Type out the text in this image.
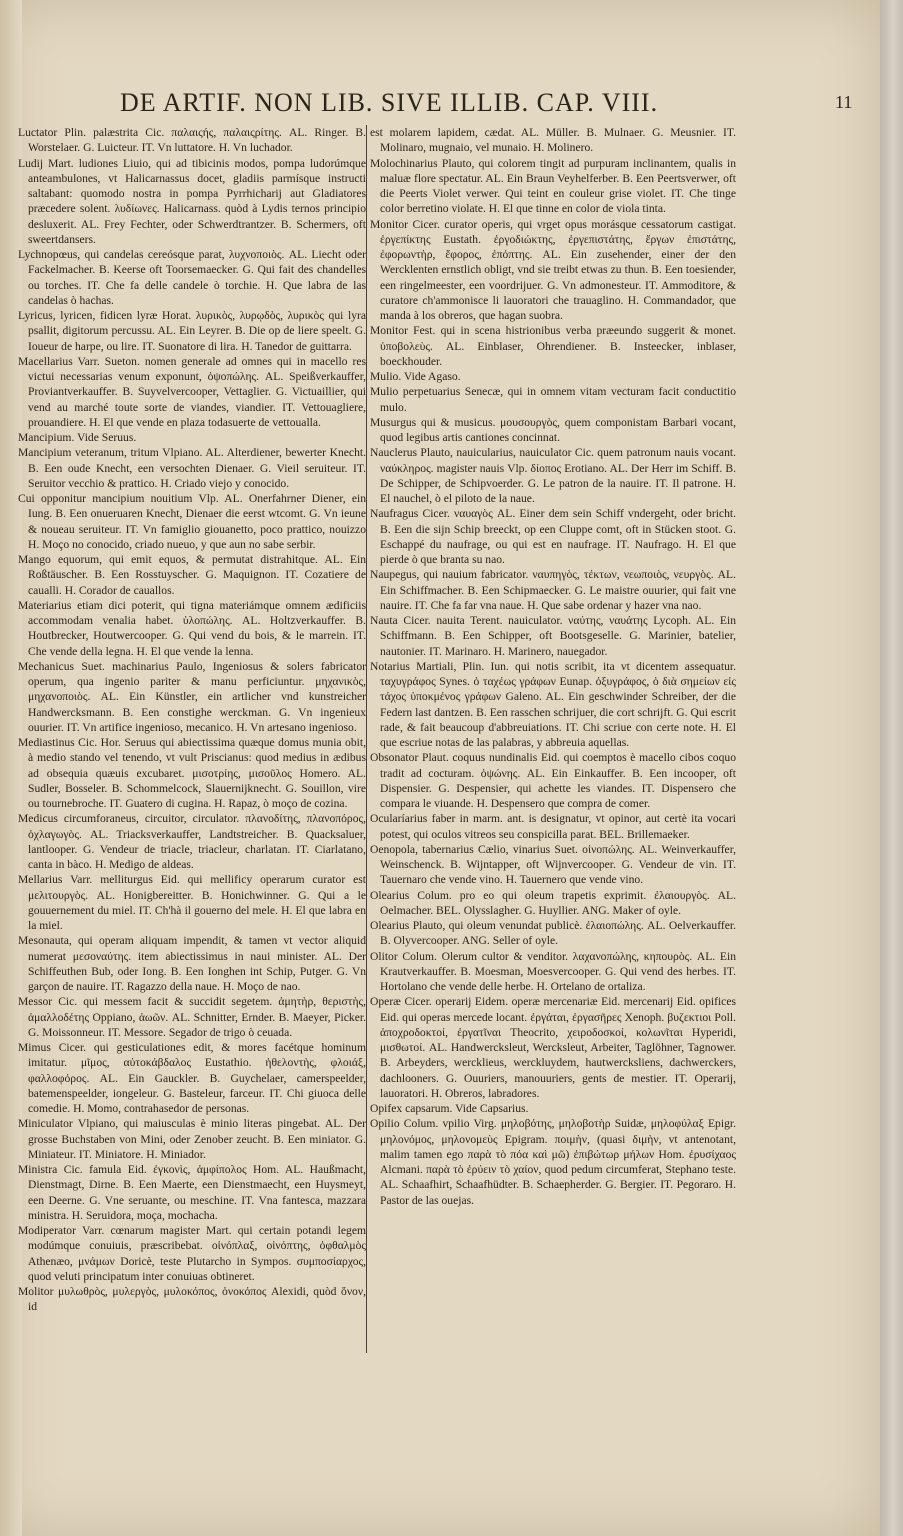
DE ARTIF. NON LIB. SIVE ILLIB. CAP. VIII.	11

Luctator Plin. palæstrita Cic. παλαιςής, παλαιςρίτης. AL. Ringer. B. Worstelaer. G. Luicteur. IT. Vn luttatore. H. Vn luchador.

Ludij Mart. ludiones Liuio, qui ad tibicinis modos, pompa ludorúmque anteambulones, vt Halicarnassus docet, gladiis parmísque instructi saltabant: quomodo nostra in pompa Pyrrhicharij aut Gladiatores præcedere solent. λυδίωνες. Halicarnass. quòd à Lydis ternos principio desluxerit. AL. Frey Fechter, oder Schwerdtrantzer. B. Schermers, oft sweertdansers.

Lychnopœus, qui candelas cereósque parat, λυχνοποιὸς. AL. Liecht oder Fackelmacher. B. Keerse oft Toorsemaecker. G. Qui fait des chandelles ou torches. IT. Che fa delle candele ò torchie. H. Que labra de las candelas ò hachas.

Lyricus, lyricen, fidicen lyræ Horat. λυρικὸς, λυρῳδὸς, λυρικὸς qui lyra psallit, digitorum percussu. AL. Ein Leyrer. B. Die op de liere speelt. G. Ioueur de harpe, ou lire. IT. Suonatore di lira. H. Tanedor de guittarra.

Macellarius Varr. Sueton. nomen generale ad omnes qui in macello res victui necessarias venum exponunt, ὀψοπώλης. AL. Speißverkauffer, Proviantverkauffer. B. Suyvelvercooper, Vettaglier. G. Victuaillier, qui vend au marché toute sorte de viandes, viandier. IT. Vettouagliere, prouandiere. H. El que vende en plaza todasuerte de vettoualla.

Mancipium. Vide Seruus.

Mancipium veteranum, tritum Vlpiano. AL. Alterdiener, bewerter Knecht. B. Een oude Knecht, een versochten Dienaer. G. Vieil seruiteur. IT. Seruitor vecchio & prattico. H. Criado viejo y conocido.

Cui opponitur mancipium nouitium Vlp. AL. Onerfahrner Diener, ein Iung. B. Een onueruaren Knecht, Dienaer die eerst wtcomt. G. Vn ieune & noueau seruiteur. IT. Vn famiglio giouanetto, poco prattico, nouizzo H. Moço no conocido, criado nueuo, y que aun no sabe serbir.

Mango equorum, qui emit equos, & permutat distrahitque. AL. Ein Roßtäuscher. B. Een Rosstuyscher. G. Maquignon. IT. Cozatiere de caualli. H. Corador de cauallos.

Materiarius etiam dici poterit, qui tigna materiámque omnem ædificiis accommodam venalia habet. ὑλοπώλης. AL. Holtzverkauffer. B. Houtbrecker, Houtwercooper. G. Qui vend du bois, & le marrein. IT. Che vende della legna. H. El que vende la lenna.

Mechanicus Suet. machinarius Paulo, Ingeniosus & solers fabricator operum, qua ingenio pariter & manu perficiuntur. μηχανικὸς, μηχανοποιὸς. AL. Ein Künstler, ein artlicher vnd kunstreicher Handwercksmann. B. Een constighe werckman. G. Vn ingenieux ouurier. IT. Vn artifice ingenioso, mecanico. H. Vn artesano ingenioso.

Mediastinus Cic. Hor. Seruus qui abiectissima quæque domus munia obit, à medio stando vel tenendo, vt vult Priscianus: quod medius in ædibus ad obsequia quæuis excubaret. μισοτρίης, μισοῦλος Homero. AL. Sudler, Bosseler. B. Schommelcock, Slauernijknecht. G. Souillon, vire ou tournebroche. IT. Guatero di cugina. H. Rapaz, ò moço de cozina.

Medicus circumforaneus, circuitor, circulator. πλανοδίτης, πλανοπόρος, ὀχλαγωγὸς. AL. Triacksverkauffer, Landtstreicher. B. Quacksaluer, lantlooper. G. Vendeur de triacle, triacleur, charlatan. IT. Ciarlatano, canta in bàco. H. Medigo de aldeas.

Mellarius Varr. melliturgus Eid. qui mellificy operarum curator est μελιτουργὸς. AL. Honigbereitter. B. Honichwinner. G. Qui a le gouuernement du miel. IT. Ch'hà il gouerno del mele. H. El que labra en la miel.

Mesonauta, qui operam aliquam impendit, & tamen vt vector aliquid numerat μεσοναύτης. item abiectissimus in naui minister. AL. Der Schiffeuthen Bub, oder Iong. B. Een Ionghen int Schip, Putger. G. Vn garçon de nauire. IT. Ragazzo della naue. H. Moço de nao.

Messor Cic. qui messem facit & succidit segetem. ἀμητὴρ, θεριστὴς, ἀμαλλοδέτης Oppiano, ἀωῶν. AL. Schnitter, Ernder. B. Maeyer, Picker. G. Moissonneur. IT. Messore. Segador de trigo ò ceuada.

Mimus Cicer. qui gesticulationes edit, & mores facétque hominum imitatur. μῖμος, αὐτοκάβδαλος Eustathio. ἠθελοντὴς, φλοιάξ, φαλλοφόρος. AL. Ein Gauckler. B. Guychelaer, camerspeelder, batemenspeelder, iongeleur. G. Basteleur, farceur. IT. Chi giuoca delle comedie. H. Momo, contrahasedor de personas.

Miniculator Vlpiano, qui maiusculas è minio literas pingebat. AL. Der grosse Buchstaben von Mini, oder Zenober zeucht. B. Een miniator. G. Miniateur. IT. Miniatore. H. Miniador.

Ministra Cic. famula Eid. ἐγκονὶς, ἀμφίπολος Hom. AL. Haußmacht, Dienstmagt, Dirne. B. Een Maerte, een Dienstmaecht, een Huysmeyt, een Deerne. G. Vne seruante, ou meschine. IT. Vna fantesca, mazzara ministra. H. Seruidora, moça, mochacha.

Modiperator Varr. cœnarum magister Mart. qui certain potandi legem modúmque conuiuis, præscribebat. οἰνόπλαξ, οἰνόπτης, ὀφθαλμὸς Athenæo, μνάμων Doricè, teste Plutarcho in Sympos. συμποσίαρχος, quod veluti principatum inter conuiuas obtineret.

Molitor μυλωθρὸς, μυλεργὸς, μυλοκόπος, ὀνοκόπος Alexidi, quòd ὄνον, id

est molarem lapidem, cædat. AL. Müller. B. Mulnaer. G. Meusnier. IT. Molinaro, mugnaio, vel munaio. H. Molinero.

Molochinarius Plauto, qui colorem tingit ad purpuram inclinantem, qualis in maluæ flore spectatur. AL. Ein Braun Veyhelferber. B. Een Peertsverwer, oft die Peerts Violet verwer. Qui teint en couleur grise violet. IT. Che tinge color berretino violate. H. El que tinne en color de viola tinta.

Monitor Cicer. curator operis, qui vrget opus morásque cessatorum castigat. ἐργεπίκτης Eustath. ἐργοδιώκτης, ἐργεπιστάτης, ἔργων ἐπιστάτης, ἐφορωντὴρ, ἔφορος, ἐπόπτης. AL. Ein zusehender, einer der den Wercklenten ernstlich obligt, vnd sie treibt etwas zu thun. B. Een toesiender, een ringelmeester, een voordrijuer. G. Vn admonesteur. IT. Ammoditore, & curatore ch'ammonisce li lauoratori che trauaglino. H. Commandador, que manda à los obreros, que hagan suobra.

Monitor Fest. qui in scena histrionibus verba præeundo suggerit & monet. ὑποβολεὺς. AL. Einblaser, Ohrendiener. B. Insteecker, inblaser, boeckhouder.

Mulio. Vide Agaso.

Mulio perpetuarius Senecæ, qui in omnem vitam vecturam facit conductitio mulo.

Musurgus qui & musicus. μουσουργὸς, quem componistam Barbari vocant, quod legibus artis cantiones concinnat.

Nauclerus Plauto, nauicularius, nauiculator Cic. quem patronum nauis vocant. ναύκληρος. magister nauis Vlp. δίοπος Erotiano. AL. Der Herr im Schiff. B. De Schipper, de Schipvoerder. G. Le patron de la nauire. IT. Il patrone. H. El nauchel, ò el piloto de la naue.

Naufragus Cicer. ναυαγὸς AL. Einer dem sein Schiff vndergeht, oder bricht. B. Een die sijn Schip breeckt, op een Cluppe comt, oft in Stücken stoot. G. Eschappé du naufrage, ou qui est en naufrage. IT. Naufrago. H. El que pierde ò que branta su nao.

Naupegus, qui nauium fabricator. ναυπηγὸς, τέκτων, νεωποιὸς, νευργὸς. AL. Ein Schiffmacher. B. Een Schipmaecker. G. Le maistre ouurier, qui fait vne nauire. IT. Che fa far vna naue. H. Que sabe ordenar y hazer vna nao.

Nauta Cicer. nauita Terent. nauiculator. ναύτης, ναυάτης Lycoph. AL. Ein Schiffmann. B. Een Schipper, oft Bootsgeselle. G. Marinier, batelier, nautonier. IT. Marinaro. H. Marinero, nauegador.

Notarius Martiali, Plin. Iun. qui notis scribit, ita vt dicentem assequatur. ταχυγράφος Synes. ὁ ταχέως γράφων Eunap. ὀξυγράφος, ὁ διὰ σημείων εἰς τάχος ὑποκμένος γράφων Galeno. AL. Ein geschwinder Schreiber, der die Federn last dantzen. B. Een rasschen schrijuer, die cort schrijft. G. Qui escrit rade, & fait beaucoup d'abbreuiations. IT. Chi scriue con certe note. H. El que escriue notas de las palabras, y abbreuia aquellas.

Obsonator Plaut. coquus nundinalis Eid. qui coemptos è macello cibos coquo tradit ad cocturam. ὀψώνης. AL. Ein Einkauffer. B. Een incooper, oft Dispensier. G. Despensier, qui achette les viandes. IT. Dispensero che compara le viuande. H. Despensero que compra de comer.

Ocularíarius faber in marm. ant. is designatur, vt opinor, aut certè ita vocari potest, qui oculos vitreos seu conspicilla parat. BEL. Brillemaeker.

Oenopola, tabernarius Cælio, vinarius Suet. οἰνοπώλης. AL. Weinverkauffer, Weinschenck. B. Wijntapper, oft Wijnvercooper. G. Vendeur de vin. IT. Tauernaro che vende vino. H. Tauernero que vende vino.

Olearius Colum. pro eo qui oleum trapetis exprimit. ἐλαιουργὸς. AL. Oelmacher. BEL. Olysslagher. G. Huyllier. ANG. Maker of oyle.

Olearius Plauto, qui oleum venundat publicè. ἐλαιοπώλης. AL. Oelverkauffer. B. Olyvercooper. ANG. Seller of oyle.

Olitor Colum. Olerum cultor & venditor. λαχανοπώλης, κηπουρὸς. AL. Ein Krautverkauffer. B. Moesman, Moesvercooper. G. Qui vend des herbes. IT. Hortolano che vende delle herbe. H. Ortelano de ortaliza.

Operæ Cicer. operarij Eidem. operæ mercenariæ Eid. mercenarij Eid. opifices Eid. qui operas mercede locant. ἐργάται, ἐργασῆρες Xenoph. βυζεκτιοι Poll. ἀποχροδοκτοί, ἐργατῖναι Theocrito, χειροδοσκοί, κολωνῖται Hyperidi, μισθωτοί. AL. Handwercksleut, Wercksleut, Arbeiter, Taglöhner, Tagnower. B. Arbeyders, wercklieus, werckluydem, hautwercksliens, dachwerckers, dachlooners. G. Ouuriers, manouuriers, gents de mestier. IT. Operarij, lauoratori. H. Obreros, labradores.

Opifex capsarum. Vide Capsarius.

Opilio Colum. vpilio Virg. μηλοβότης, μηλοβοτὴρ Suidæ, μηλοφύλαξ Epigr. μηλονόμος, μηλονομεὺς Epigram. ποιμὴν, (quasi διμὴν, vt antenotant, malim tamen ego παρὰ τὸ πόα καὶ μῶ) ἐπιβώτωρ μήλων Hom. ἐρυσίχαος Alcmani. παρὰ τὸ ἐρύειν τὸ χαίον, quod pedum circumferat, Stephano teste. AL. Schaafhirt, Schaafhüdter. B. Schaepherder. G. Bergier. IT. Pegoraro. H. Pastor de las ouejas.
